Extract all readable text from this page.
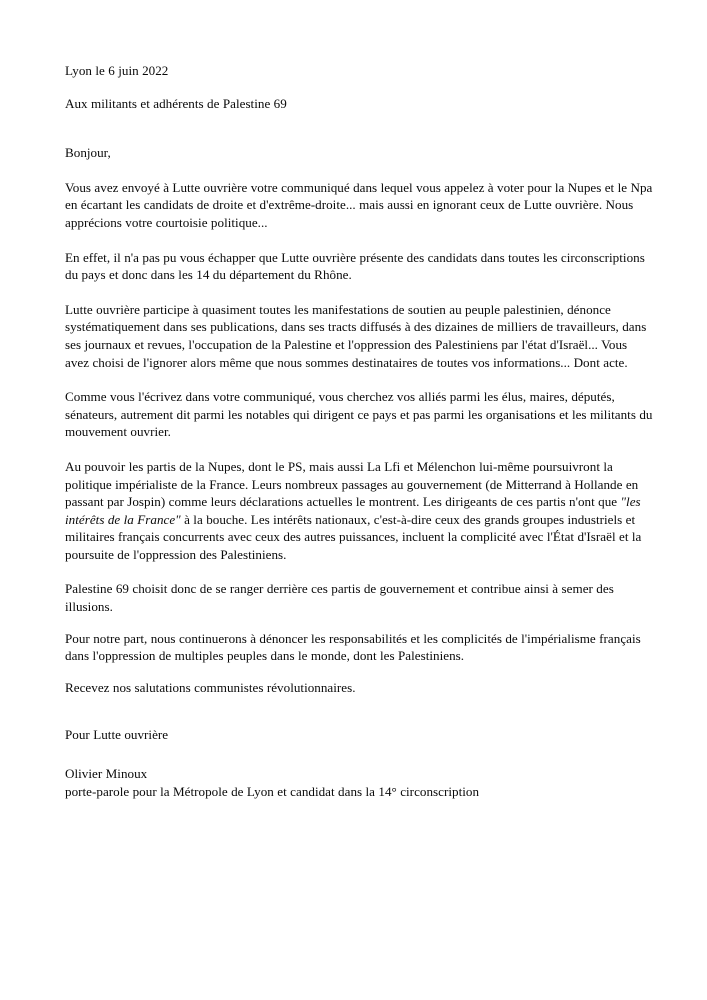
Lyon le 6 juin 2022
Aux militants et adhérents de Palestine 69
Bonjour,
Vous avez envoyé à Lutte ouvrière votre communiqué dans lequel vous appelez à voter pour la Nupes et le Npa en écartant les candidats de droite et d'extrême-droite... mais aussi en ignorant ceux de Lutte ouvrière. Nous apprécions votre courtoisie politique...
En effet, il n'a pas pu vous échapper que Lutte ouvrière présente des candidats dans toutes les circonscriptions du pays et donc dans les 14 du département du Rhône.
Lutte ouvrière participe à quasiment toutes les manifestations de soutien au peuple palestinien, dénonce systématiquement dans ses publications, dans ses tracts diffusés à des dizaines de milliers de travailleurs, dans ses journaux et revues, l'occupation de la Palestine et l'oppression des Palestiniens par l'état d'Israël... Vous avez choisi de l'ignorer alors même que nous sommes destinataires de toutes vos informations... Dont acte.
Comme vous l'écrivez dans votre communiqué, vous cherchez vos alliés parmi les élus, maires, députés, sénateurs, autrement dit parmi les notables qui dirigent ce pays et pas parmi les organisations et les militants du mouvement ouvrier.
Au pouvoir les partis de la Nupes, dont le PS, mais aussi La Lfi et Mélenchon lui-même poursuivront la politique impérialiste de la France. Leurs nombreux passages au gouvernement (de Mitterrand à Hollande en passant par Jospin) comme leurs déclarations actuelles le montrent. Les dirigeants de ces partis n'ont que "les intérêts de la France" à la bouche. Les intérêts nationaux, c'est-à-dire ceux des grands groupes industriels et militaires français concurrents avec ceux des autres puissances, incluent la complicité avec l'État d'Israël et la poursuite de l'oppression des Palestiniens.
Palestine 69 choisit donc de se ranger derrière ces partis de gouvernement et contribue ainsi à semer des illusions.
Pour notre part, nous continuerons à dénoncer les responsabilités et les complicités de l'impérialisme français dans l'oppression de multiples peuples dans le monde, dont les Palestiniens.
Recevez nos salutations communistes révolutionnaires.
Pour Lutte ouvrière
Olivier Minoux
porte-parole pour la Métropole de Lyon et candidat dans la 14° circonscription
